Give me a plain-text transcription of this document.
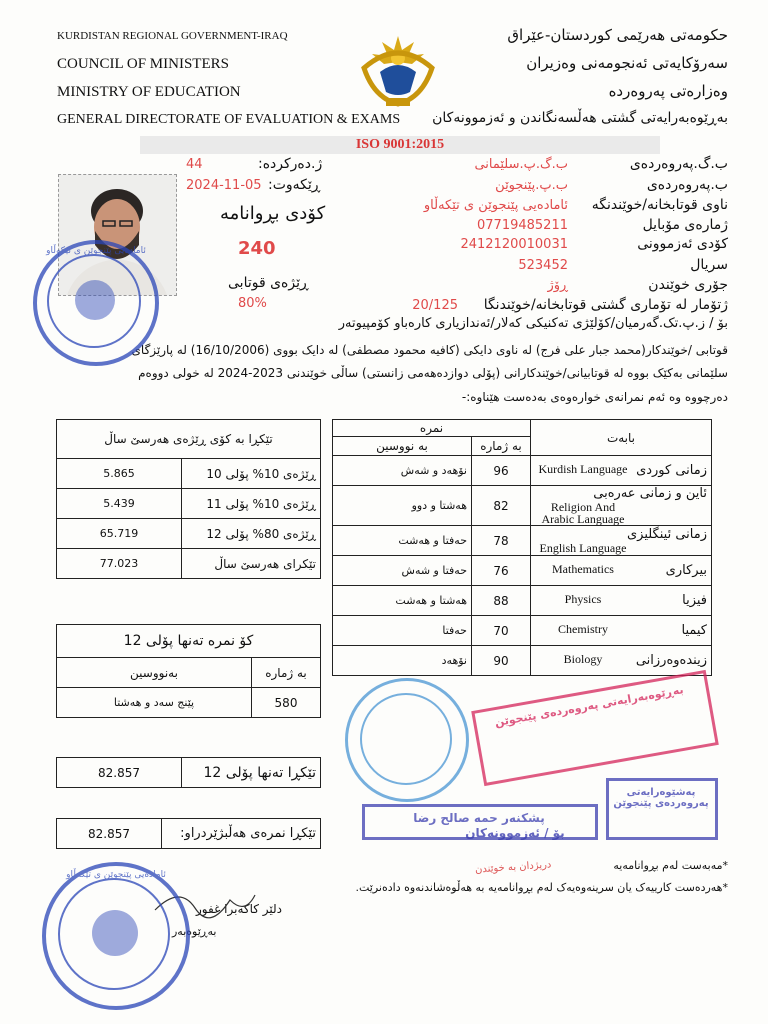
KURDISTAN REGIONAL GOVERNMENT-IRAQ
COUNCIL OF MINISTERS
MINISTRY OF EDUCATION
GENERAL DIRECTORATE OF EVALUATION & EXAMS
حکومەتی هەرێمی کوردستان-عێراق
سەرۆکایەتی ئەنجومەنی وەزیران
وەزارەتی پەروەردە
بەڕێوەبەرایەتی گشتی هەڵسەنگاندن و ئەزموونەکان
ISO 9001:2015
ژ.دەرکردە:
44
ڕێکەوت:
2024-11-05
کۆدی بڕوانامە
240
ڕێژەی قوتابی
80%
ب.گ.پەروەردەی
ب.گ.پ.سلێمانی
ب.پەروەردەی
ب.پ.پێنجوێن
ناوی قوتابخانە/خوێندنگە
ئامادەیی پێنجوێن ی تێکەڵاو
ژمارەی مۆبایل
07719485211
کۆدی ئەزموونی
2412120010031
سریال
523452
جۆری خوێندن
ڕۆژ
ژتۆمار لە تۆماری گشتی قوتابخانە/خوێندنگا
20/125
بۆ / ز.پ.تک.گەرمیان/کۆلێژی تەکنیکی کەلار/ئەندازیاری کارەباو کۆمپیوتەر
قوتابی /خوێندکار(محمد جبار علی فرج) لە ناوی دایکی (کافیه محمود مصطفی) لە دایک بووی (16/10/2006) لە پارێزگای
سلێمانی بەکێک بووە لە قوتابیانی/خوێندکارانی (پۆلی دوازدەهەمی زانستی) ساڵی خوێندنی 2023-2024 لە خولی دووەم
دەرچووە وە ئەم نمرانەی خوارەوەی بەدەست هێناوە:-
تێکڕا بە کۆی ڕێژەی هەرسێ ساڵ	
ڕێژەی 10% پۆلی 10	5.865
ڕێژەی 10% پۆلی 11	5.439
ڕێژەی 80% پۆلی 12	65.719
تێکرای هەرسێ ساڵ	77.023
بابەت	نمرە	
	بە ژمارە	بە نووسین

زمانی کوردی
Kurdish Language	96	نۆهەد و شەش

ئاین و زمانی عەرەبی
Religion And Arabic Language	82	هەشتا و دوو

زمانی ئینگلیزی
English Language	78	حەفتا و هەشت

بیرکاری
Mathematics	76	حەفتا و شەش

فیزیا
Physics	88	هەشتا و هەشت

کیمیا
Chemistry	70	حەفتا

زیندەوەرزانی
Biology	90	نۆهەد
کۆ نمرە تەنها پۆلی 12	
بە ژمارە	بەنووسین
580	پێنج سەد و هەشتا
تێکڕا تەنها پۆلی 12	82.857
تێکڕا نمرەی هەڵبژێردراو:	82.857
*مەبەست لەم بڕوانامەیە
*هەردەست کارییەک یان سرینەوەیەک لەم بڕوانامەیە بە هەڵوەشاندنەوە دادەنرێت.
دریژدان بە خوێندن
دلێر کاکەبرا غفور
بەڕێوەبەر
ئامادەیی پێنجوێن ی تێکەڵاو
ئامادەیی پێنجوێن ی تێکەڵاو
بەڕێوەبەرایەتی پەروەردەی پێنجوێن
پەشێوەرایەتی پەروەردەی پێنجوێن
پشکنەر حمە صالح رضا
بۆ / ئەزموونەکان
